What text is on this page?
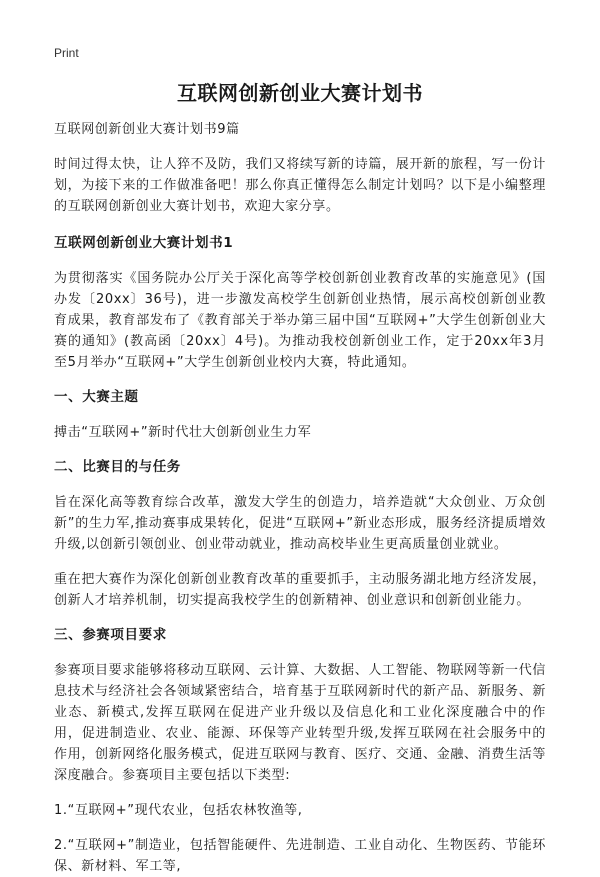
Print
互联网创新创业大赛计划书

互联网创新创业大赛计划书9篇

时间过得太快，让人猝不及防，我们又将续写新的诗篇，展开新的旅程，写一份计划，为接下来的工作做准备吧！那么你真正懂得怎么制定计划吗？以下是小编整理的互联网创新创业大赛计划书，欢迎大家分享。

互联网创新创业大赛计划书1

为贯彻落实《国务院办公厅关于深化高等学校创新创业教育改革的实施意见》(国办发〔20xx〕36号)，进一步激发高校学生创新创业热情，展示高校创新创业教育成果，教育部发布了《教育部关于举办第三届中国“互联网+”大学生创新创业大赛的通知》(教高函〔20xx〕4号)。为推动我校创新创业工作，定于20xx年3月至5月举办“互联网+”大学生创新创业校内大赛，特此通知。

一、大赛主题

搏击“互联网+”新时代壮大创新创业生力军

二、比赛目的与任务

旨在深化高等教育综合改革，激发大学生的创造力，培养造就“大众创业、万众创新”的生力军,推动赛事成果转化，促进“互联网+”新业态形成，服务经济提质增效升级,以创新引领创业、创业带动就业，推动高校毕业生更高质量创业就业。

重在把大赛作为深化创新创业教育改革的重要抓手，主动服务湖北地方经济发展，创新人才培养机制，切实提高我校学生的创新精神、创业意识和创新创业能力。

三、参赛项目要求

参赛项目要求能够将移动互联网、云计算、大数据、人工智能、物联网等新一代信息技术与经济社会各领域紧密结合，培育基于互联网新时代的新产品、新服务、新业态、新模式,发挥互联网在促进产业升级以及信息化和工业化深度融合中的作用，促进制造业、农业、能源、环保等产业转型升级,发挥互联网在社会服务中的作用，创新网络化服务模式，促进互联网与教育、医疗、交通、金融、消费生活等深度融合。参赛项目主要包括以下类型:

1.“互联网+”现代农业，包括农林牧渔等,

2.“互联网+”制造业，包括智能硬件、先进制造、工业自动化、生物医药、节能环保、新材料、军工等,
